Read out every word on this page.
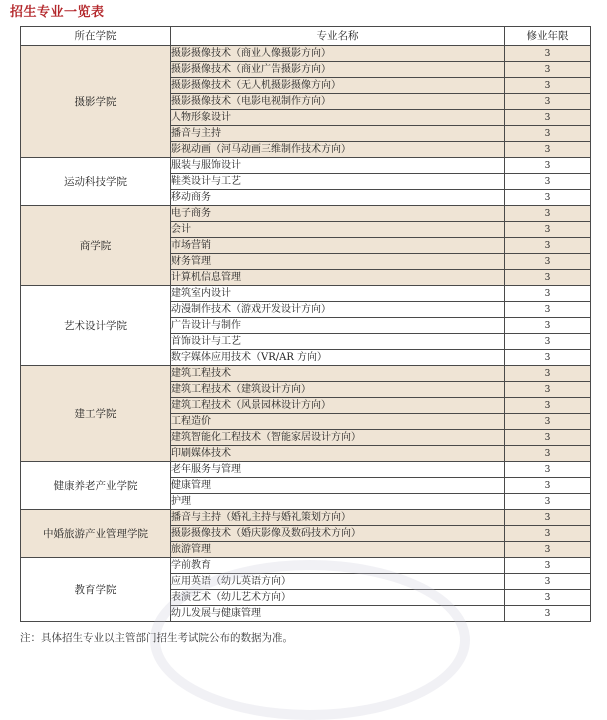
招生专业一览表
所在学院	专业名称	修业年限
摄影学院	摄影摄像技术（商业人像摄影方向）	3
	摄影摄像技术（商业广告摄影方向）	3
	摄影摄像技术（无人机摄影摄像方向）	3
	摄影摄像技术（电影电视制作方向）	3
	人物形象设计	3
	播音与主持	3
	影视动画（河马动画三维制作技术方向）	3
运动科技学院	服装与服饰设计	3
	鞋类设计与工艺	3
	移动商务	3
商学院	电子商务	3
	会计	3
	市场营销	3
	财务管理	3
	计算机信息管理	3
艺术设计学院	建筑室内设计	3
	动漫制作技术（游戏开发设计方向）	3
	广告设计与制作	3
	首饰设计与工艺	3
	数字媒体应用技术（VR/AR 方向）	3
建工学院	建筑工程技术	3
	建筑工程技术（建筑设计方向）	3
	建筑工程技术（风景园林设计方向）	3
	工程造价	3
	建筑智能化工程技术（智能家居设计方向）	3
	印刷媒体技术	3
健康养老产业学院	老年服务与管理	3
	健康管理	3
	护理	3
中婚旅游产业管理学院	播音与主持（婚礼主持与婚礼策划方向）	3
	摄影摄像技术（婚庆影像及数码技术方向）	3
	旅游管理	3
教育学院	学前教育	3
	应用英语（幼儿英语方向）	3
	表演艺术（幼儿艺术方向）	3
	幼儿发展与健康管理	3
注：具体招生专业以主管部门招生考试院公布的数据为准。
